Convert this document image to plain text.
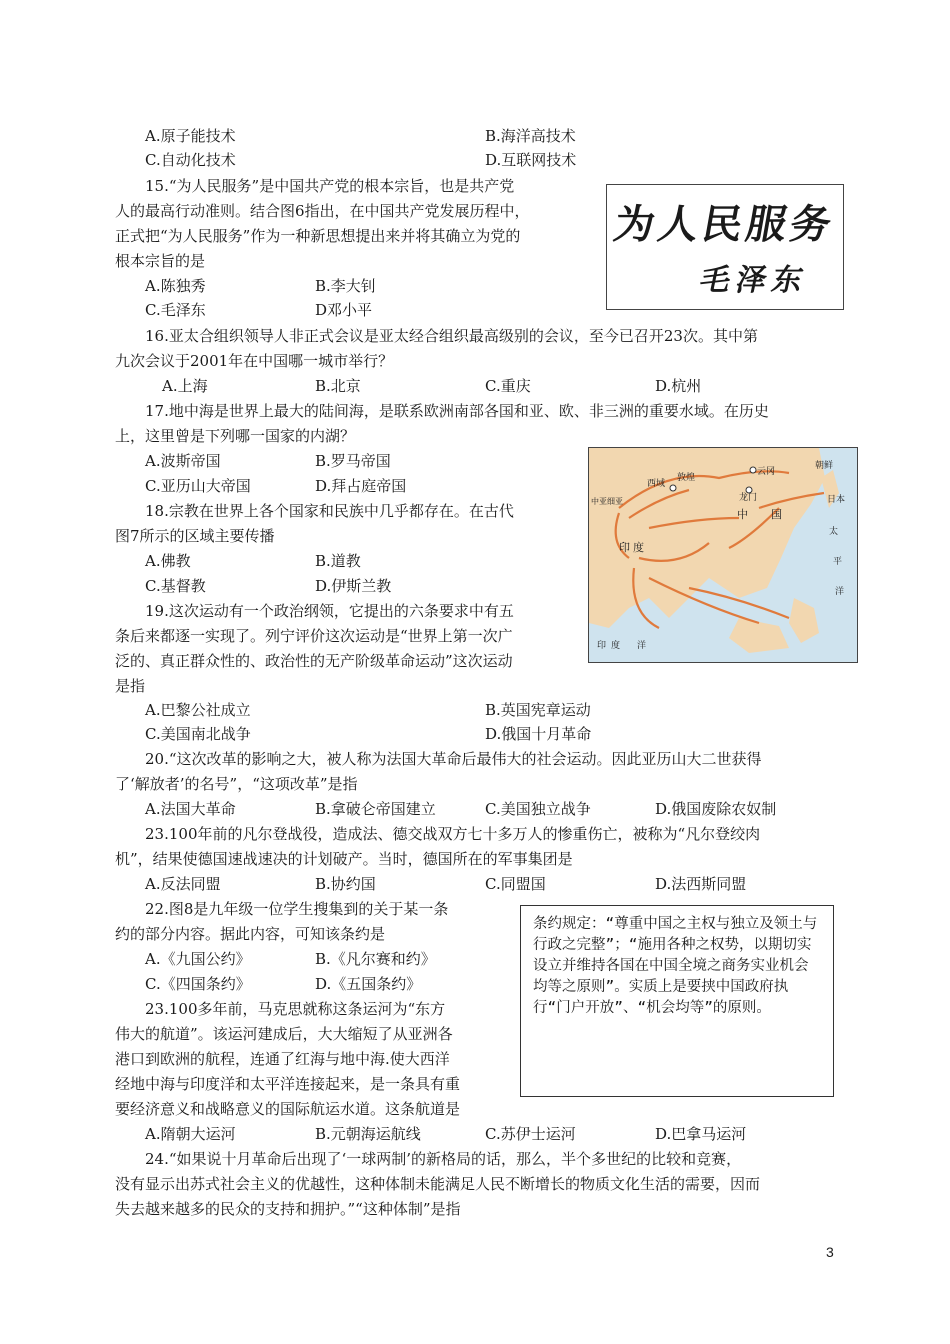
A.原子能技术	B.海洋高技术
C.自动化技术	D.互联网技术
15.“为人民服务”是中国共产党的根本宗旨，也是共产党
人的最高行动准则。结合图6指出，在中国共产党发展历程中，
正式把“为人民服务”作为一种新思想提出来并将其确立为党的
根本宗旨的是
A.陈独秀	B.李大钊
C.毛泽东	D邓小平
为人民服务
毛泽东
16.亚太合组织领导人非正式会议是亚太经合组织最高级别的会议，至今已召开23次。其中第
九次会议于2001年在中国哪一城市举行？
A.上海	B.北京	C.重庆	D.杭州
17.地中海是世界上最大的陆间海，是联系欧洲南部各国和亚、欧、非三洲的重要水域。在历史
上，这里曾是下列哪一国家的内湖？
A.波斯帝国	B.罗马帝国
C.亚历山大帝国	D.拜占庭帝国
18.宗教在世界上各个国家和民族中几乎都存在。在古代
图7所示的区域主要传播
A.佛教	B.道教
C.基督教	D.伊斯兰教
云冈
朝鲜
西域
敦煌
中亚细亚	龙门	日本
中 国
印 度
太
平
洋
印 度 洋
19.这次运动有一个政治纲领，它提出的六条要求中有五
条后来都逐一实现了。列宁评价这次运动是“世界上第一次广
泛的、真正群众性的、政治性的无产阶级革命运动”这次运动
是指
A.巴黎公社成立	B.英国宪章运动
C.美国南北战争	D.俄国十月革命
20.“这次改革的影响之大，被人称为法国大革命后最伟大的社会运动。因此亚历山大二世获得
了‘解放者’的名号”，“这项改革”是指
A.法国大革命	B.拿破仑帝国建立	C.美国独立战争	D.俄国废除农奴制
23.100年前的凡尔登战役，造成法、德交战双方七十多万人的惨重伤亡，被称为“凡尔登绞肉
机”，结果使德国速战速决的计划破产。当时，德国所在的军事集团是
A.反法同盟	B.协约国	C.同盟国	D.法西斯同盟
22.图8是九年级一位学生搜集到的关于某一条
约的部分内容。据此内容，可知该条约是
A.《九国公约》	B.《凡尔赛和约》
C.《四国条约》	D.《五国条约》
条约规定：“尊重中国之主权与独立及领土与行政之完整”；“施用各种之权势，以期切实设立并维持各国在中国全境之商务实业机会均等之原则”。实质上是要挟中国政府执行“门户开放”、“机会均等”的原则。
23.100多年前，马克思就称这条运河为“东方
伟大的航道”。该运河建成后，大大缩短了从亚洲各
港口到欧洲的航程，连通了红海与地中海.使大西洋
经地中海与印度洋和太平洋连接起来，是一条具有重
要经济意义和战略意义的国际航运水道。这条航道是
A.隋朝大运河	B.元朝海运航线	C.苏伊士运河	D.巴拿马运河
24.“如果说十月革命后出现了‘一球两制’的新格局的话，那么，半个多世纪的比较和竞赛，
没有显示出苏式社会主义的优越性，这种体制未能满足人民不断增长的物质文化生活的需要，因而
失去越来越多的民众的支持和拥护。”“这种体制”是指
3
